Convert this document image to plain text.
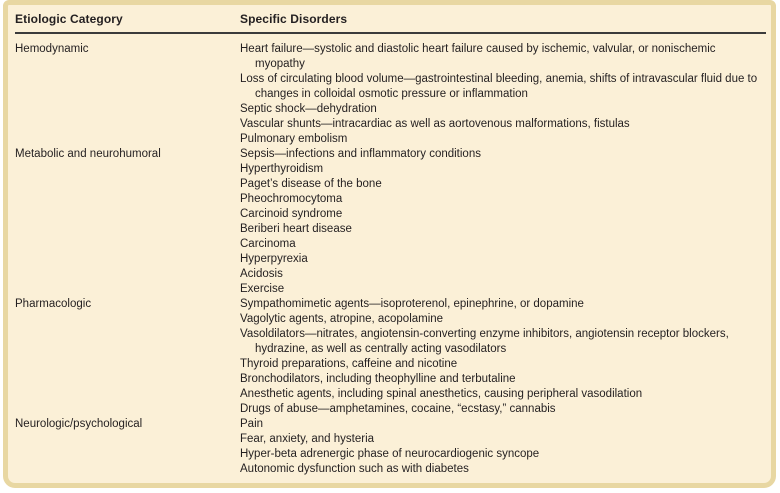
Etiologic Category	Specific Disorders
Hemodynamic	Heart failure—systolic and diastolic heart failure caused by ischemic, valvular, or nonischemic myopathy
Loss of circulating blood volume—gastrointestinal bleeding, anemia, shifts of intravascular fluid due to changes in colloidal osmotic pressure or inflammation
Septic shock—dehydration
Vascular shunts—intracardiac as well as aortovenous malformations, fistulas
Pulmonary embolism
Metabolic and neurohumoral	Sepsis—infections and inflammatory conditions
Hyperthyroidism
Paget’s disease of the bone
Pheochromocytoma
Carcinoid syndrome
Beriberi heart disease
Carcinoma
Hyperpyrexia
Acidosis
Exercise
Pharmacologic	Sympathomimetic agents—isoproterenol, epinephrine, or dopamine
Vagolytic agents, atropine, acopolamine
Vasoldilators—nitrates, angiotensin-converting enzyme inhibitors, angiotensin receptor blockers, hydrazine, as well as centrally acting vasodilators
Thyroid preparations, caffeine and nicotine
Bronchodilators, including theophylline and terbutaline
Anesthetic agents, including spinal anesthetics, causing peripheral vasodilation
Drugs of abuse—amphetamines, cocaine, “ecstasy,” cannabis
Neurologic/psychological	Pain
Fear, anxiety, and hysteria
Hyper-beta adrenergic phase of neurocardiogenic syncope
Autonomic dysfunction such as with diabetes
